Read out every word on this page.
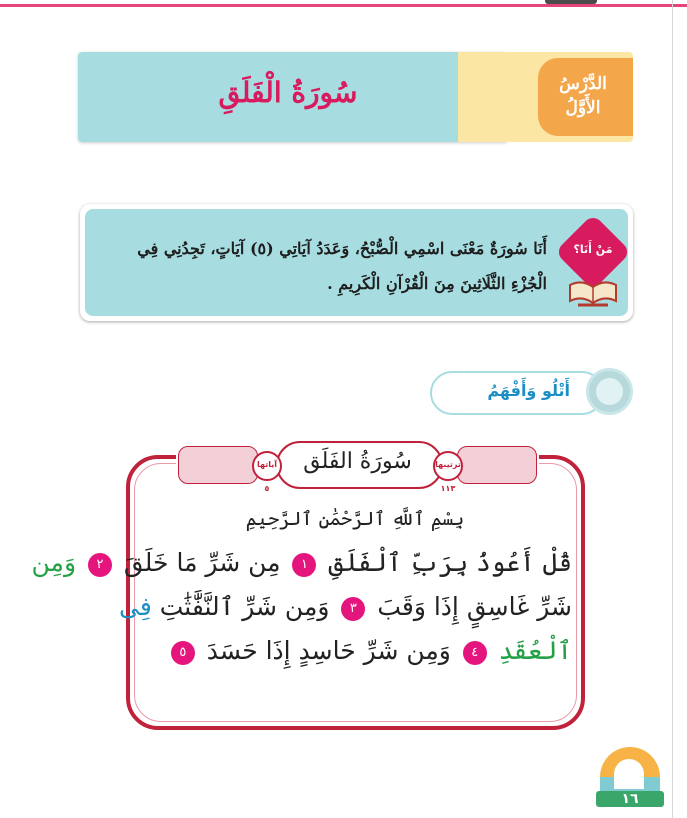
الدَّرْسُ
الأَوَّلُ
سُورَةُ الْفَلَقِ
أَنَا سُورَةٌ مَعْنَى اسْمِي الْصُّبْحُ، وَعَدَدُ آيَاتِي (٥) آيَاتٍ، تَجِدُنِي فِي
الْجُزْءِ الثَّلَاثِينَ مِنَ الْقُرْآنِ الْكَرِيمِ .
مَنْ أَنَا؟
أَتْلُو وَأَفْهَمُ
آياتها ٥
ترتيبها ١١٣
سُورَةُ الفَلَق
بِسْمِ ٱللَّهِ ٱلرَّحْمَٰنِ ٱلرَّحِيمِ
قُلْ أَعُوذُ بِرَبِّ ٱلْفَلَقِ ١ مِن شَرِّ مَا خَلَقَ ٢ وَمِن
شَرِّ غَاسِقٍ إِذَا وَقَبَ ٣ وَمِن شَرِّ ٱلنَّفَّٰثَٰتِ فِى
ٱلْعُقَدِ ٤ وَمِن شَرِّ حَاسِدٍ إِذَا حَسَدَ ٥
١٦
